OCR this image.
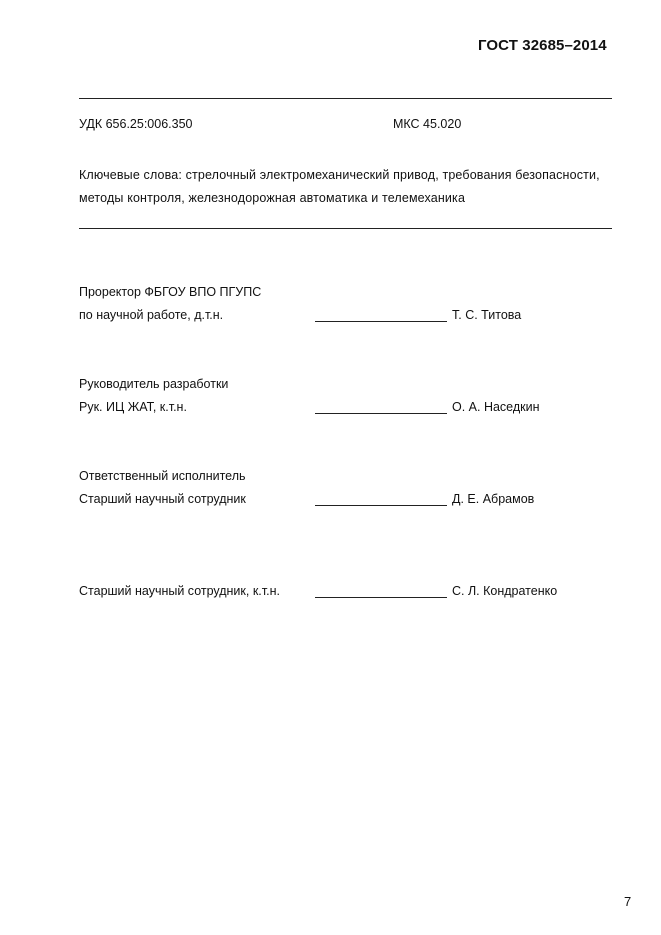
ГОСТ 32685–2014
УДК 656.25:006.350	МКС 45.020
Ключевые слова: стрелочный электромеханический привод, требования безопасности,
методы контроля, железнодорожная автоматика и телемеханика
Проректор ФБГОУ ВПО ПГУПС
по научной работе, д.т.н.	Т. С. Титова
Руководитель разработки
Рук. ИЦ ЖАТ, к.т.н.	О. А. Наседкин
Ответственный исполнитель
Старший научный сотрудник	Д. Е. Абрамов
Старший научный сотрудник, к.т.н.	С. Л. Кондратенко
7
